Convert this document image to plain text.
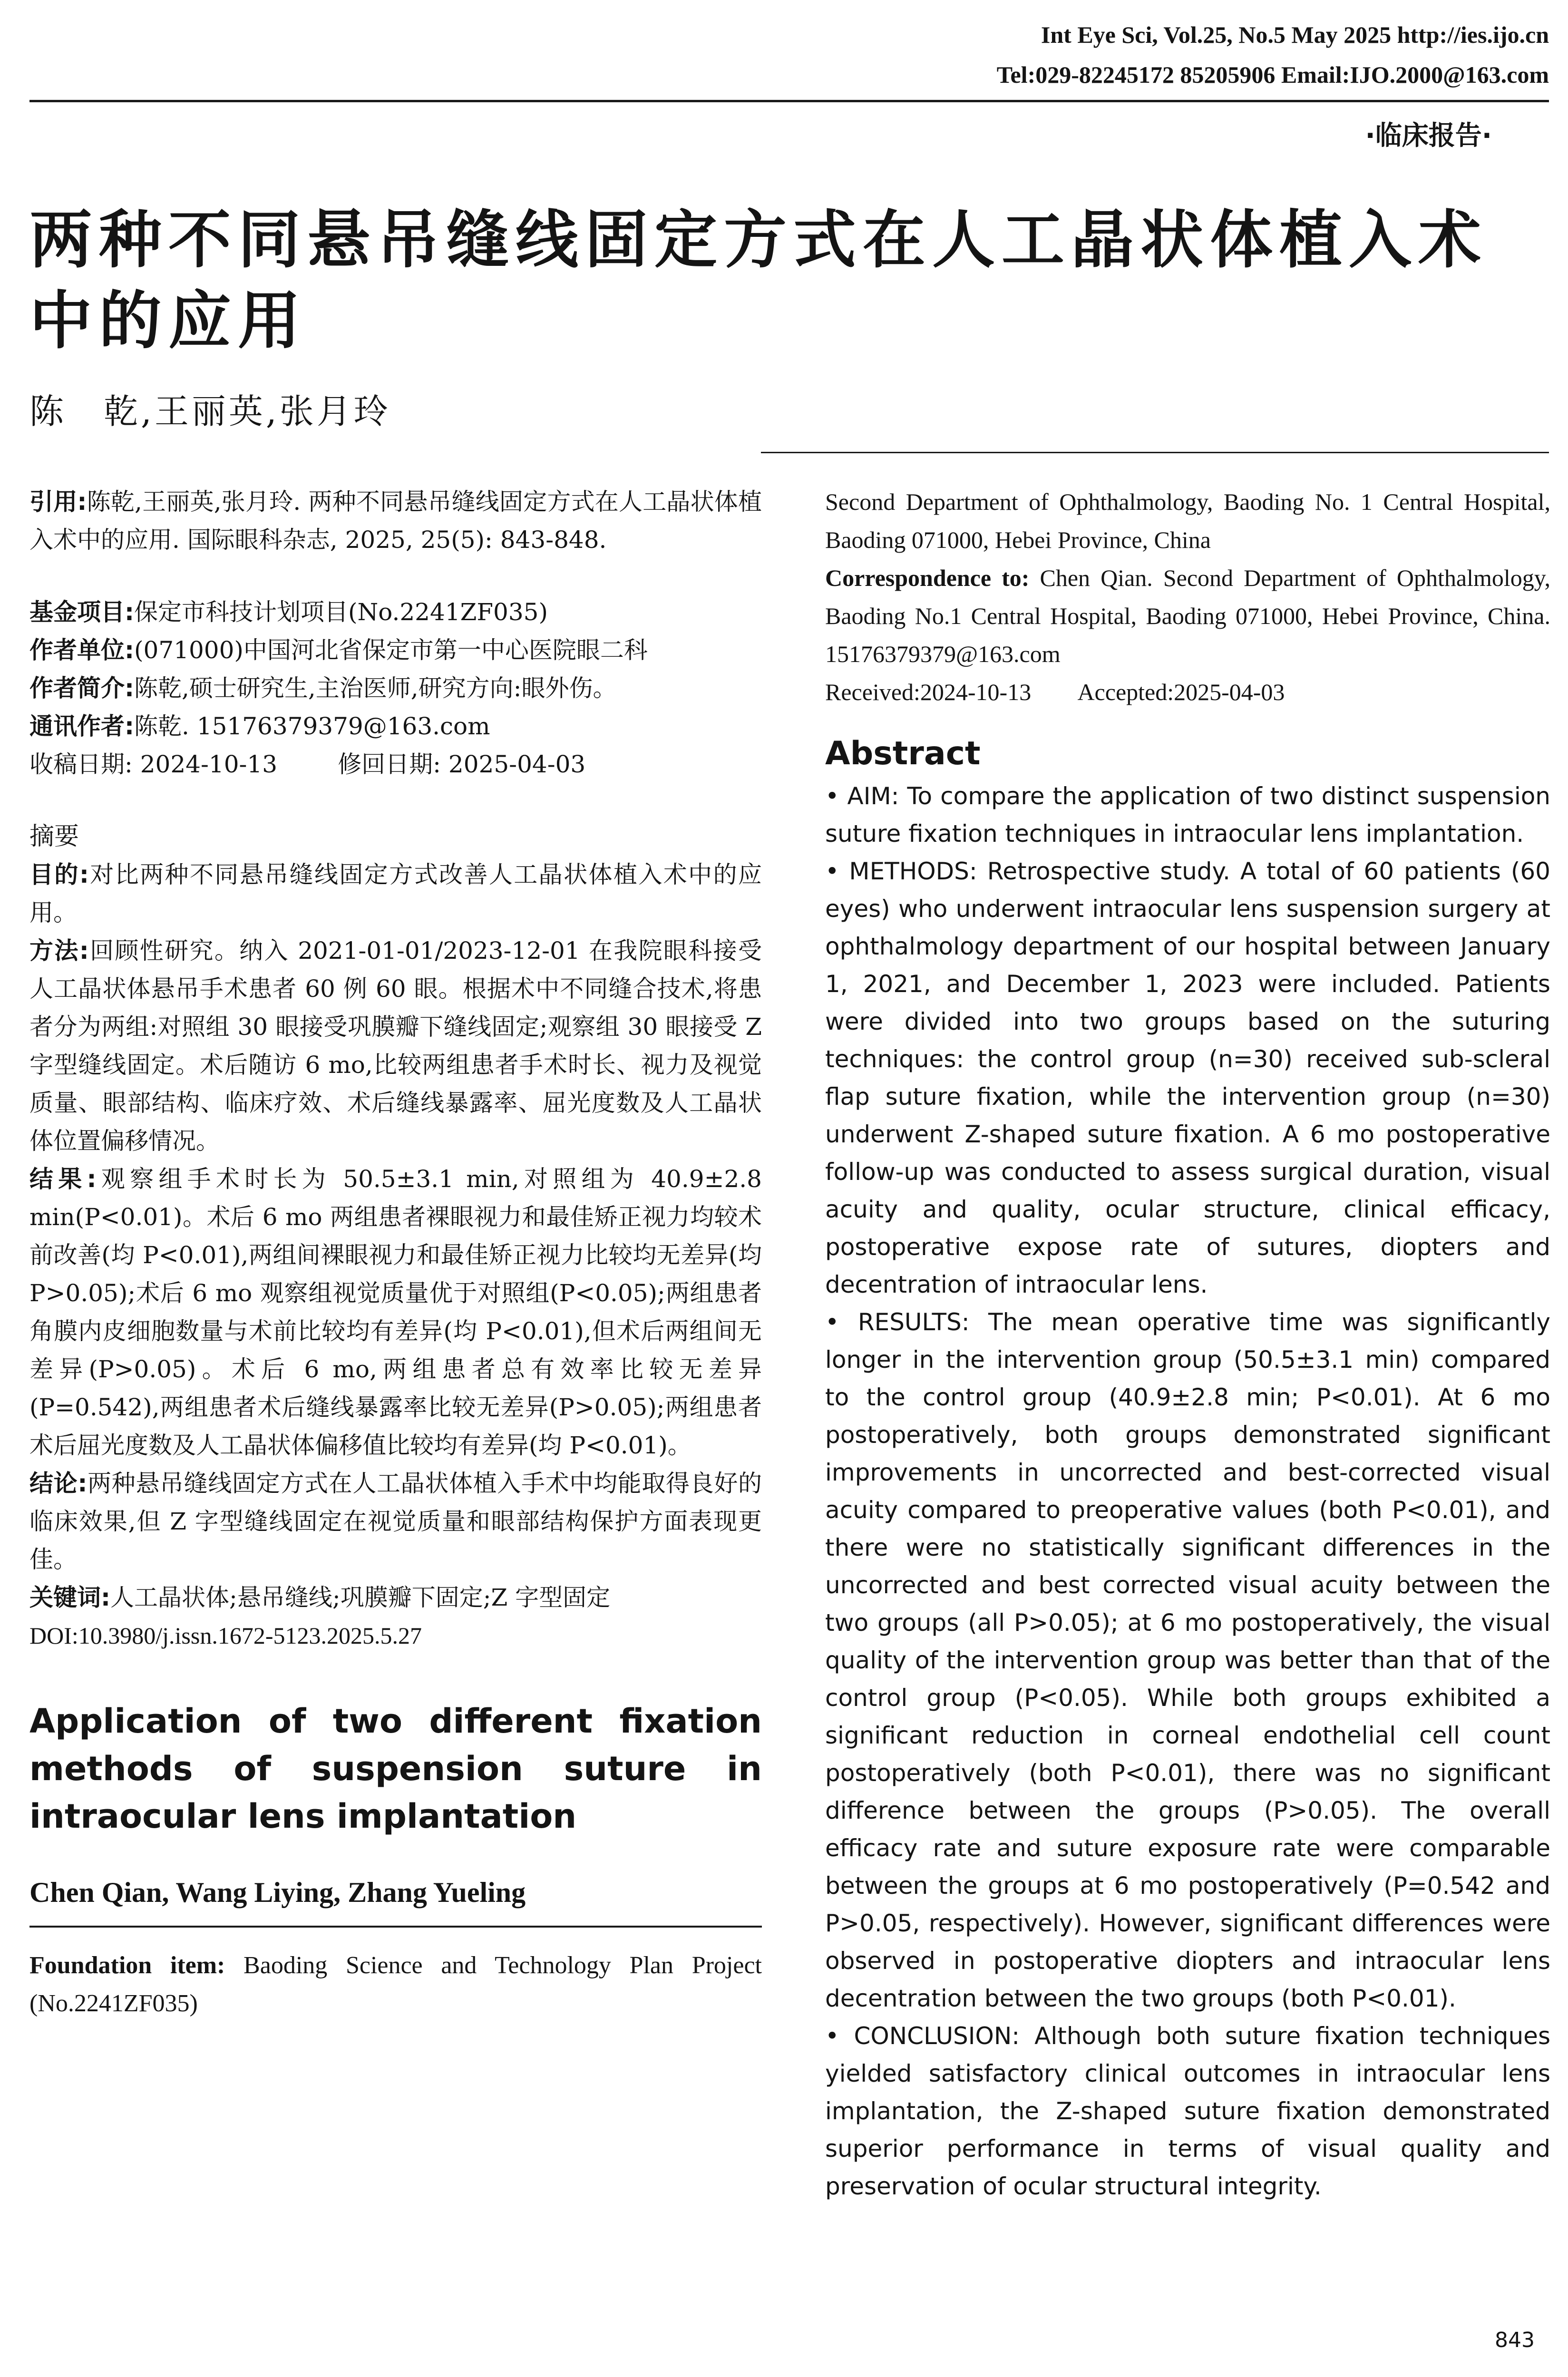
Int Eye Sci, Vol.25, No.5 May 2025 http://ies.ijo.cn
Tel:029-82245172 85205906 Email:IJO.2000@163.com
·临床报告·
两种不同悬吊缝线固定方式在人工晶状体植入术中的应用
陈　乾,王丽英,张月玲

引用:陈乾,王丽英,张月玲. 两种不同悬吊缝线固定方式在人工晶状体植入术中的应用. 国际眼科杂志, 2025, 25(5): 843-848.

基金项目:保定市科技计划项目(No.2241ZF035)

作者单位:(071000)中国河北省保定市第一中心医院眼二科

作者简介:陈乾,硕士研究生,主治医师,研究方向:眼外伤。

通讯作者:陈乾. 15176379379@163.com

收稿日期: 2024-10-13	修回日期: 2025-04-03

摘要

目的:对比两种不同悬吊缝线固定方式改善人工晶状体植入术中的应用。

方法:回顾性研究。纳入 2021-01-01/2023-12-01 在我院眼科接受人工晶状体悬吊手术患者 60 例 60 眼。根据术中不同缝合技术,将患者分为两组:对照组 30 眼接受巩膜瓣下缝线固定;观察组 30 眼接受 Z 字型缝线固定。术后随访 6 mo,比较两组患者手术时长、视力及视觉质量、眼部结构、临床疗效、术后缝线暴露率、屈光度数及人工晶状体位置偏移情况。

结果:观察组手术时长为 50.5±3.1 min,对照组为 40.9±2.8 min(P<0.01)。术后 6 mo 两组患者裸眼视力和最佳矫正视力均较术前改善(均 P<0.01),两组间裸眼视力和最佳矫正视力比较均无差异(均 P>0.05);术后 6 mo 观察组视觉质量优于对照组(P<0.05);两组患者角膜内皮细胞数量与术前比较均有差异(均 P<0.01),但术后两组间无差异(P>0.05)。术后 6 mo,两组患者总有效率比较无差异(P=0.542),两组患者术后缝线暴露率比较无差异(P>0.05);两组患者术后屈光度数及人工晶状体偏移值比较均有差异(均 P<0.01)。

结论:两种悬吊缝线固定方式在人工晶状体植入手术中均能取得良好的临床效果,但 Z 字型缝线固定在视觉质量和眼部结构保护方面表现更佳。

关键词:人工晶状体;悬吊缝线;巩膜瓣下固定;Z 字型固定

DOI:10.3980/j.issn.1672-5123.2025.5.27

Application of two different fixation methods of suspension suture in intraocular lens implantation

Chen Qian, Wang Liying, Zhang Yueling

Foundation item: Baoding Science and Technology Plan Project (No.2241ZF035)

Second Department of Ophthalmology, Baoding No. 1 Central Hospital, Baoding 071000, Hebei Province, China

Correspondence to: Chen Qian. Second Department of Ophthalmology, Baoding No.1 Central Hospital, Baoding 071000, Hebei Province, China. 15176379379@163.com

Received:2024-10-13 Accepted:2025-04-03

Abstract

• AIM: To compare the application of two distinct suspension suture fixation techniques in intraocular lens implantation.

• METHODS: Retrospective study. A total of 60 patients (60 eyes) who underwent intraocular lens suspension surgery at ophthalmology department of our hospital between January 1, 2021, and December 1, 2023 were included. Patients were divided into two groups based on the suturing techniques: the control group (n=30) received sub-scleral flap suture fixation, while the intervention group (n=30) underwent Z-shaped suture fixation. A 6 mo postoperative follow-up was conducted to assess surgical duration, visual acuity and quality, ocular structure, clinical efficacy, postoperative expose rate of sutures, diopters and decentration of intraocular lens.

• RESULTS: The mean operative time was significantly longer in the intervention group (50.5±3.1 min) compared to the control group (40.9±2.8 min; P<0.01). At 6 mo postoperatively, both groups demonstrated significant improvements in uncorrected and best-corrected visual acuity compared to preoperative values (both P<0.01), and there were no statistically significant differences in the uncorrected and best corrected visual acuity between the two groups (all P>0.05); at 6 mo postoperatively, the visual quality of the intervention group was better than that of the control group (P<0.05). While both groups exhibited a significant reduction in corneal endothelial cell count postoperatively (both P<0.01), there was no significant difference between the groups (P>0.05). The overall efficacy rate and suture exposure rate were comparable between the groups at 6 mo postoperatively (P=0.542 and P>0.05, respectively). However, significant differences were observed in postoperative diopters and intraocular lens decentration between the two groups (both P<0.01).

• CONCLUSION: Although both suture fixation techniques yielded satisfactory clinical outcomes in intraocular lens implantation, the Z-shaped suture fixation demonstrated superior performance in terms of visual quality and preservation of ocular structural integrity.

843
